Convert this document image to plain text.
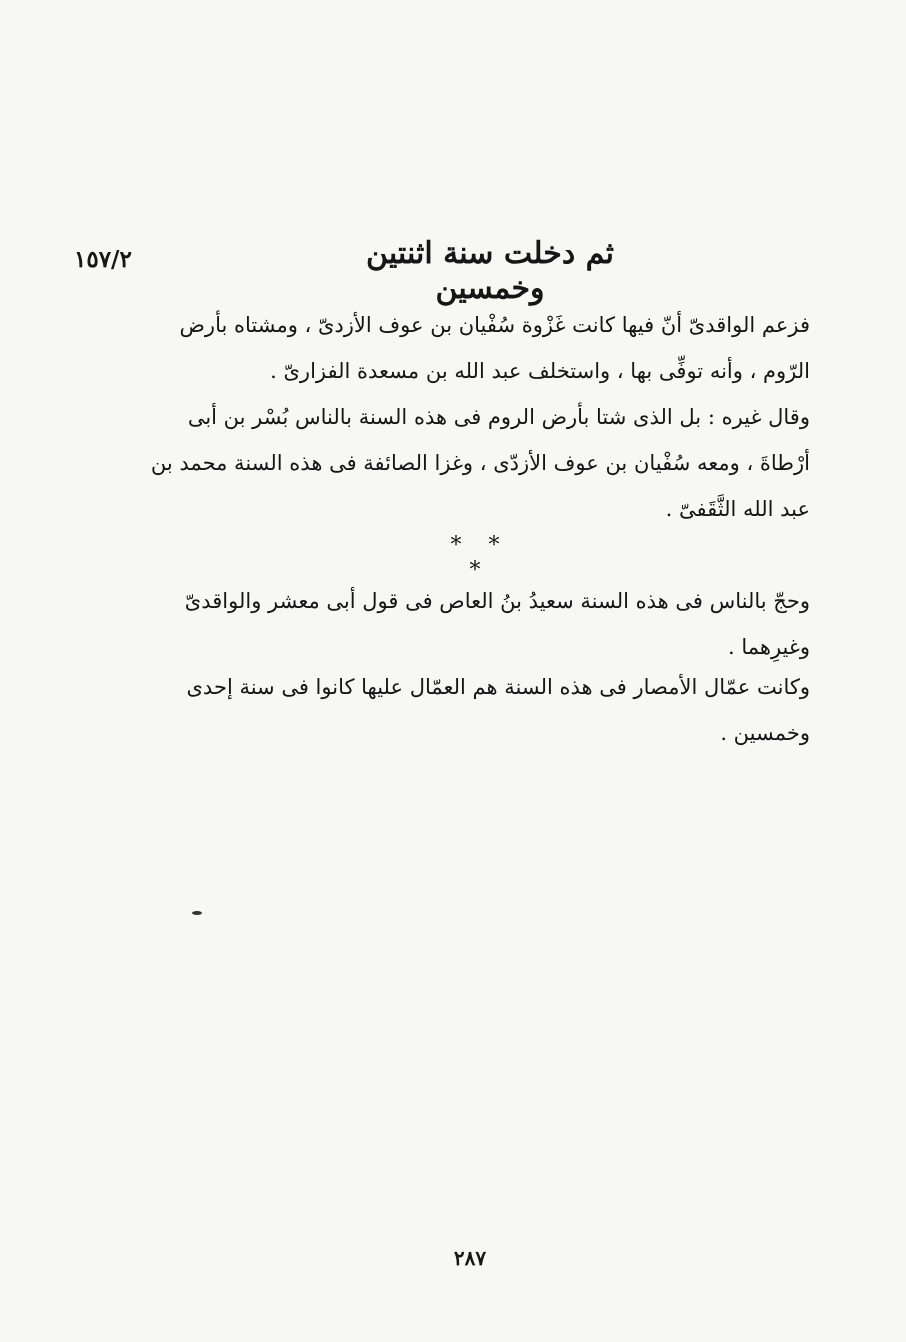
١٥٧/٢	ثم دخلت سنة اثنتين وخمسين

فزعم الواقدىّ أنّ فيها كانت غَزْوة سُفْيان بن عوف الأزدىّ ، ومشتاه بأرض الرّوم ، وأنه توفِّى بها ، واستخلف عبد الله بن مسعدة الفزارىّ .

وقال غيره : بل الذى شتا بأرض الروم فى هذه السنة بالناس بُسْر بن أبى أرْطاةَ ، ومعه سُفْيان بن عوف الأزدّى ، وغزا الصائفة فى هذه السنة محمد بن عبد الله الثَّقَفىّ .

* * *

وحجّ بالناس فى هذه السنة سعيدُ بنُ العاص فى قول أبى معشر والواقدىّ وغيرِهما .

وكانت عمّال الأمصار فى هذه السنة هم العمّال عليها كانوا فى سنة إحدى وخمسين .

٢٨٧
